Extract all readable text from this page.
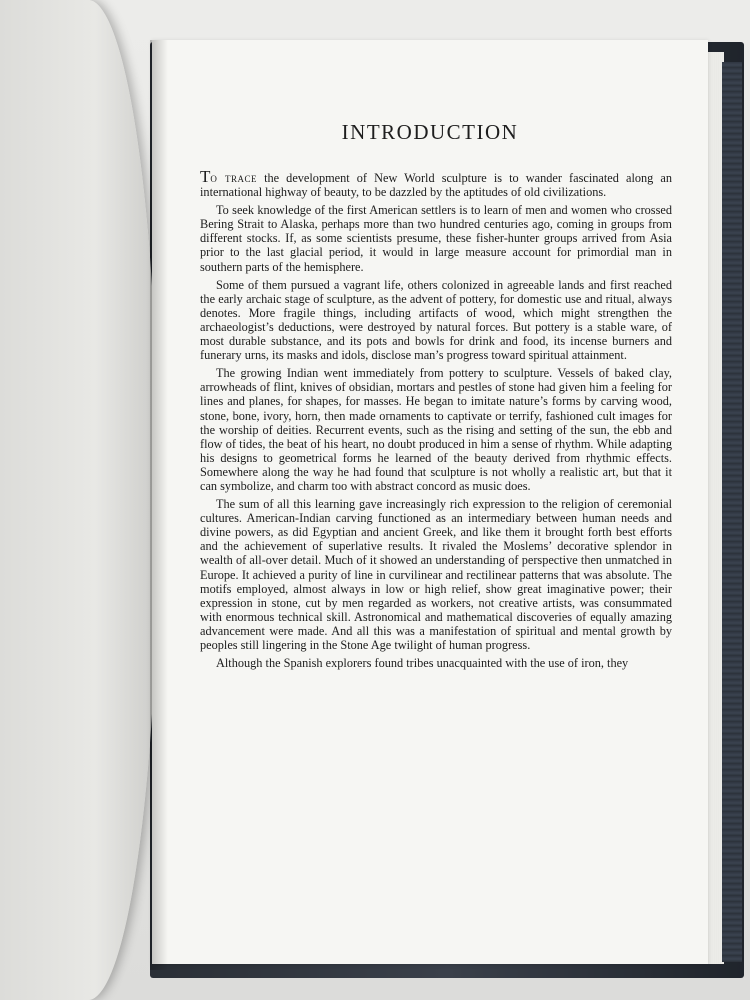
INTRODUCTION

To trace the development of New World sculpture is to wander fascinated along an international highway of beauty, to be dazzled by the aptitudes of old civilizations.

To seek knowledge of the first American settlers is to learn of men and women who crossed Bering Strait to Alaska, perhaps more than two hundred centuries ago, coming in groups from different stocks. If, as some scientists presume, these fisher-hunter groups arrived from Asia prior to the last glacial period, it would in large measure account for primordial man in southern parts of the hemisphere.

Some of them pursued a vagrant life, others colonized in agreeable lands and first reached the early archaic stage of sculpture, as the advent of pottery, for domestic use and ritual, always denotes. More fragile things, including artifacts of wood, which might strengthen the archaeologist’s deductions, were destroyed by natural forces. But pottery is a stable ware, of most durable substance, and its pots and bowls for drink and food, its incense burners and funerary urns, its masks and idols, disclose man’s progress toward spiritual attainment.

The growing Indian went immediately from pottery to sculpture. Vessels of baked clay, arrowheads of flint, knives of obsidian, mortars and pestles of stone had given him a feeling for lines and planes, for shapes, for masses. He began to imitate nature’s forms by carving wood, stone, bone, ivory, horn, then made ornaments to captivate or terrify, fashioned cult images for the worship of deities. Recurrent events, such as the rising and setting of the sun, the ebb and flow of tides, the beat of his heart, no doubt produced in him a sense of rhythm. While adapting his designs to geometrical forms he learned of the beauty derived from rhythmic effects. Somewhere along the way he had found that sculpture is not wholly a realistic art, but that it can symbolize, and charm too with abstract concord as music does.

The sum of all this learning gave increasingly rich expression to the religion of ceremonial cultures. American-Indian carving functioned as an intermediary between human needs and divine powers, as did Egyptian and ancient Greek, and like them it brought forth best efforts and the achievement of superlative results. It rivaled the Moslems’ decorative splendor in wealth of all-over detail. Much of it showed an understanding of perspective then unmatched in Europe. It achieved a purity of line in curvilinear and rectilinear patterns that was absolute. The motifs employed, almost always in low or high relief, show great imaginative power; their expression in stone, cut by men regarded as workers, not creative artists, was consummated with enormous technical skill. Astronomical and mathematical discoveries of equally amazing advancement were made. And all this was a manifestation of spiritual and mental growth by peoples still lingering in the Stone Age twilight of human progress.

Although the Spanish explorers found tribes unacquainted with the use of iron, they
